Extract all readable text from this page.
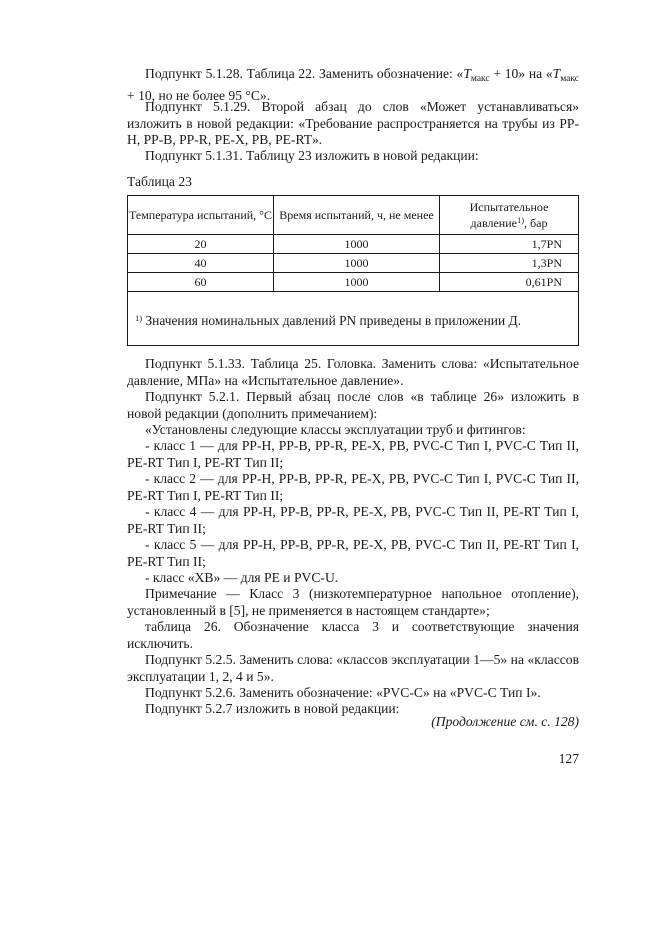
Подпункт 5.1.28. Таблица 22. Заменить обозначение: «$T_{макс} + 10$» на «$T_{макс} + 10$, но не более 95 °С».

Подпункт 5.1.29. Второй абзац до слов «Может устанавливаться» изложить в новой редакции: «Требование распространяется на трубы из PP-H, PP-B, PP-R, PE-X, PB, PE-RT».

Подпункт 5.1.31. Таблицу 23 изложить в новой редакции:

Таблица 23

Температура испытаний, °С	Время испытаний, ч, не менее	Испытательное давление$^{1)}$, бар
20	1000	1,7PN
40	1000	1,3PN
60	1000	0,61PN
$^{1)}$ Значения номинальных давлений PN приведены в приложении Д.		

Подпункт 5.1.33. Таблица 25. Головка. Заменить слова: «Испытательное давление, МПа» на «Испытательное давление».

Подпункт 5.2.1. Первый абзац после слов «в таблице 26» изложить в новой редакции (дополнить примечанием):

«Установлены следующие классы эксплуатации труб и фитингов:

- класс 1 — для PP-H, PP-B, PP-R, PE-X, PB, PVC-C Тип I, PVC-C Тип II, PE-RT Тип I, PE-RT Тип II;

- класс 2 — для PP-H, PP-B, PP-R, PE-X, PB, PVC-C Тип I, PVC-C Тип II, PE-RT Тип I, PE-RT Тип II;

- класс 4 — для PP-H, PP-B, PP-R, PE-X, PB, PVC-C Тип II, PE-RT Тип I, PE-RT Тип II;

- класс 5 — для PP-H, PP-B, PP-R, PE-X, PB, PVC-C Тип II, PE-RT Тип I, PE-RT Тип II;

- класс «ХВ» — для PE и PVC-U.

Примечание — Класс 3 (низкотемпературное напольное отопление), установленный в [5], не применяется в настоящем стандарте»;

таблица 26. Обозначение класса 3 и соответствующие значения исключить.

Подпункт 5.2.5. Заменить слова: «классов эксплуатации 1—5» на «классов эксплуатации 1, 2, 4 и 5».

Подпункт 5.2.6. Заменить обозначение: «PVC-C» на «PVC-C Тип I».

Подпункт 5.2.7 изложить в новой редакции:

(Продолжение см. с. 128)

127
